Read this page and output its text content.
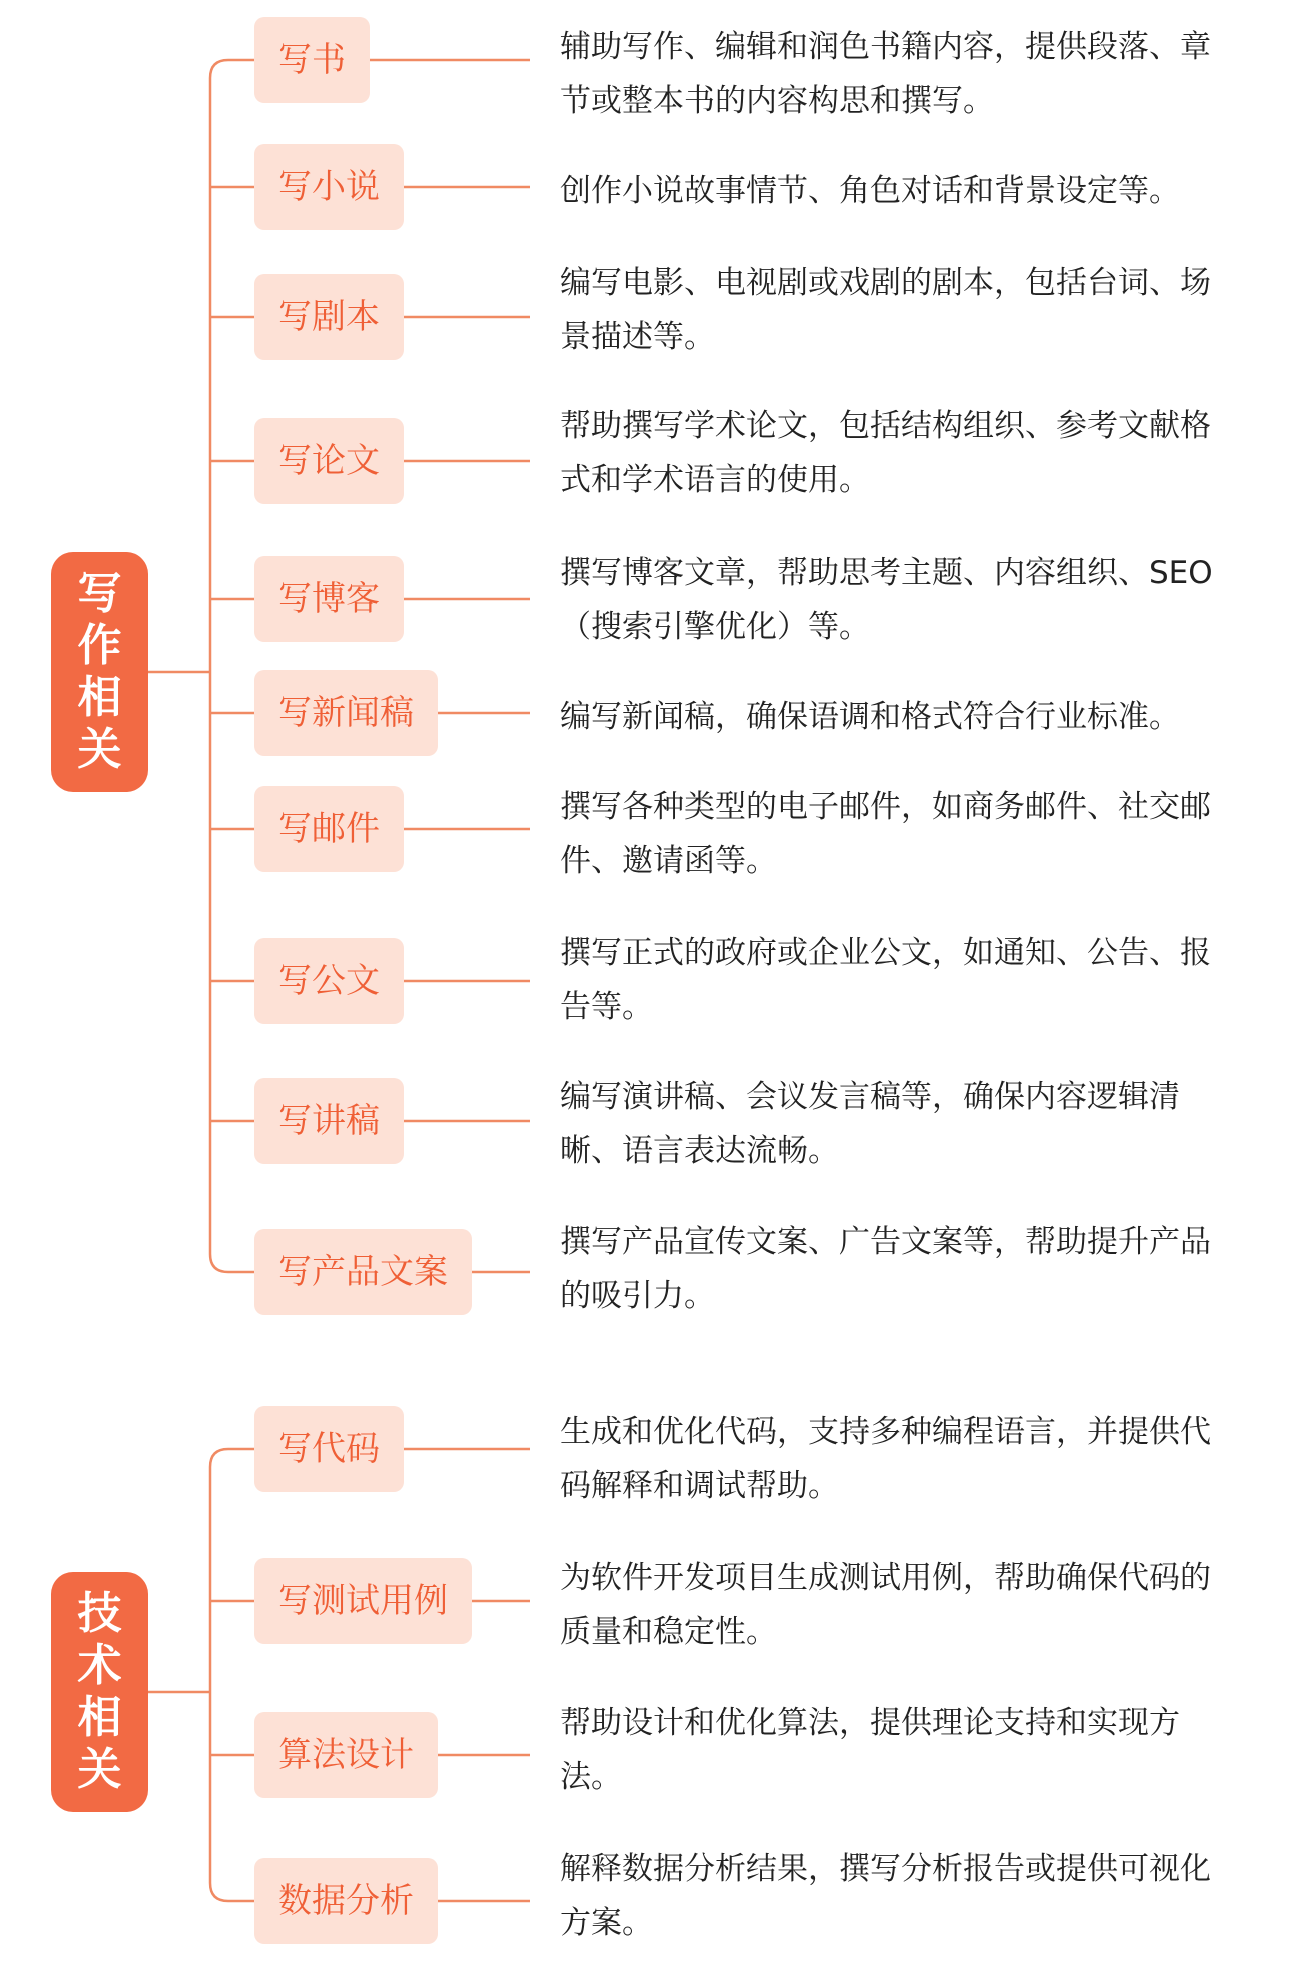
写作相关
技术相关
写书
写小说
写剧本
写论文
写博客
写新闻稿
写邮件
写公文
写讲稿
写产品文案
写代码
写测试用例
算法设计
数据分析
辅助写作、编辑和润色书籍内容，提供段落、章节或整本书的内容构思和撰写。
创作小说故事情节、角色对话和背景设定等。
编写电影、电视剧或戏剧的剧本，包括台词、场景描述等。
帮助撰写学术论文，包括结构组织、参考文献格式和学术语言的使用。
撰写博客文章，帮助思考主题、内容组织、SEO（搜索引擎优化）等。
编写新闻稿，确保语调和格式符合行业标准。
撰写各种类型的电子邮件，如商务邮件、社交邮件、邀请函等。
撰写正式的政府或企业公文，如通知、公告、报告等。
编写演讲稿、会议发言稿等，确保内容逻辑清晰、语言表达流畅。
撰写产品宣传文案、广告文案等，帮助提升产品的吸引力。
生成和优化代码，支持多种编程语言，并提供代码解释和调试帮助。
为软件开发项目生成测试用例，帮助确保代码的质量和稳定性。
帮助设计和优化算法，提供理论支持和实现方法。
解释数据分析结果，撰写分析报告或提供可视化方案。
